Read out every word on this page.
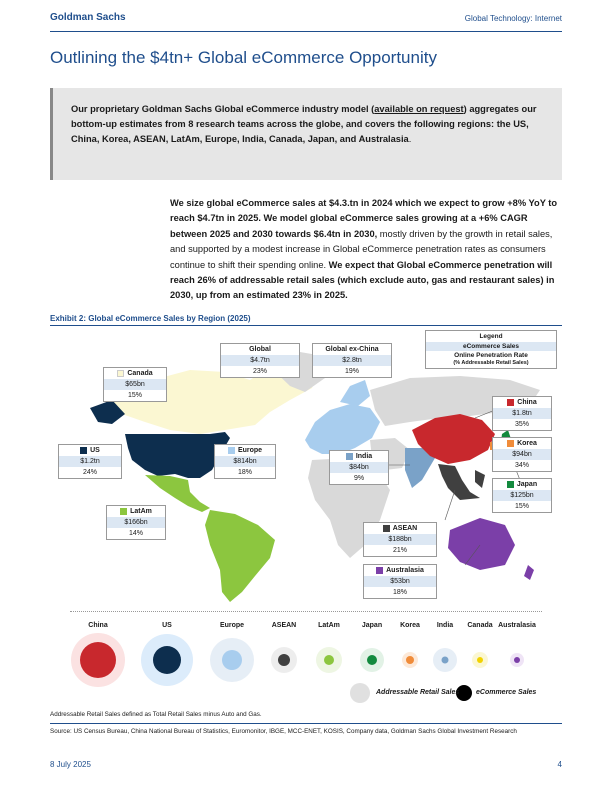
Goldman Sachs	Global Technology: Internet
Outlining the $4tn+ Global eCommerce Opportunity
Our proprietary Goldman Sachs Global eCommerce industry model (available on request) aggregates our bottom-up estimates from 8 research teams across the globe, and covers the following regions: the US, China, Korea, ASEAN, LatAm, Europe, India, Canada, Japan, and Australasia.
We size global eCommerce sales at $4.3.tn in 2024 which we expect to grow +8% YoY to reach $4.7tn in 2025. We model global eCommerce sales growing at a +6% CAGR between 2025 and 2030 towards $6.4tn in 2030, mostly driven by the growth in retail sales, and supported by a modest increase in Global eCommerce penetration rates as consumers continue to shift their spending online. We expect that Global eCommerce penetration will reach 26% of addressable retail sales (which exclude auto, gas and restaurant sales) in 2030, up from an estimated 23% in 2025.
Exhibit 2: Global eCommerce Sales by Region (2025)
Legend
eCommerce Sales
Online Penetration Rate
(% Addressable Retail Sales)
Global
$4.7tn
23%
Global ex-China
$2.8tn
19%
Canada
$65bn
15%
US
$1.2tn
24%
Europe
$814bn
18%
India
$84bn
9%
LatAm
$166bn
14%
China
$1.8tn
35%
Korea
$94bn
34%
Japan
$125bn
15%
ASEAN
$188bn
21%
Australasia
$53bn
18%
China	US	Europe	ASEAN	LatAm	Japan	Korea	India	Canada Australasia
Addressable Retail Sales eCommerce Sales
Addressable Retail Sales defined as Total Retail Sales minus Auto and Gas.
Source: US Census Bureau, China National Bureau of Statistics, Euromonitor, IBGE, MCC-ENET, KOSIS, Company data, Goldman Sachs Global Investment Research
8 July 2025	4
